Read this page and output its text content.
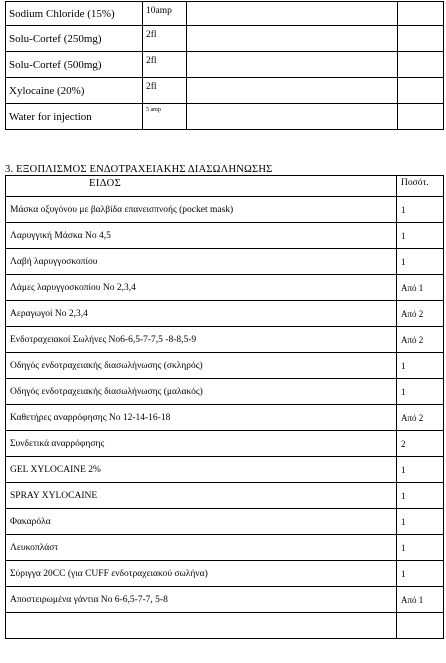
Sodium Chloride (15%)	10amp		
Solu-Cortef (250mg)	2fl		
Solu-Cortef (500mg)	2fl		
Xylocaine (20%)	2fl		
Water for injection	5 amp		
3. ΕΞΟΠΛΙΣΜΟΣ ΕΝΔΟΤΡΑΧΕΙΑΚΗΣ ΔΙΑΣΩΛΗΝΩΣΗΣ
ΕΙΔΟΣ	Ποσότ.
Μάσκα οξυγόνου με βαλβίδα επανεισπνοής (pocket mask)	1
Λαρυγγική Μάσκα Νο 4,5	1
Λαβή λαρυγγοσκοπίου	1
Λάμες λαρυγγοσκοπίου Νο 2,3,4	Από 1
Αεραγωγοί Νο 2,3,4	Από 2
Ενδοτραχειακοί Σωλήνες Νο6-6,5-7-7,5 -8-8,5-9	Από 2
Οδηγός ενδοτραχειακής διασωλήνωσης (σκληρός)	1
Οδηγός ενδοτραχειακής διασωλήνωσης (μαλακός)	1
Καθετήρες αναρρόφησης Νο 12-14-16-18	Από 2
Συνδετικά αναρρόφησης	2
GEL XYLOCAINE 2%	1
SPRAY XYLOCAINE	1
Φακαρόλα	1
Λευκοπλάστ	1
Σύριγγα 20CC (για CUFF ενδοτραχειακού σωλήνα)	1
Αποστειρωμένα γάντια Νο 6-6,5-7-7, 5-8	Από 1
